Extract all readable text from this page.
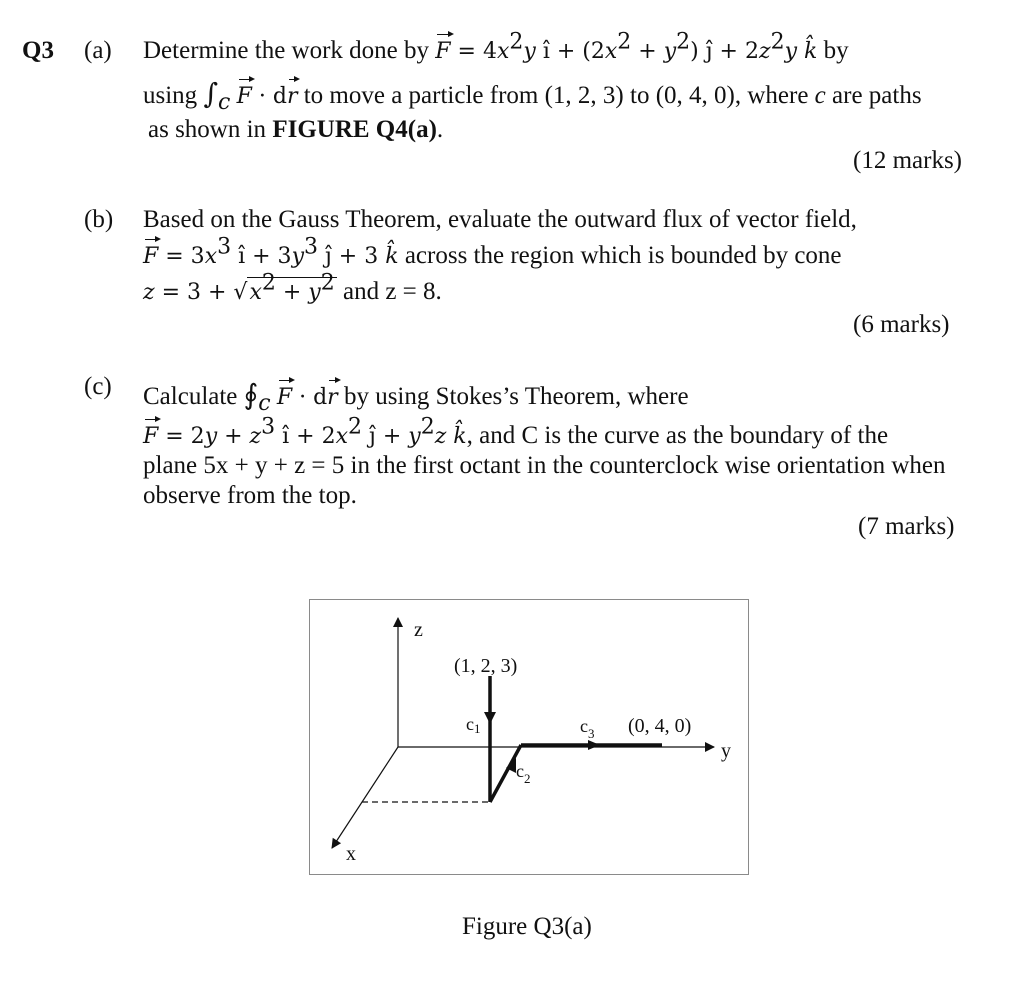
Q3 (a) Determine the work done by $F = 4x^2y$ ı̂ + $(2x^2 + y^2)$ ȷ̂ + $2z^2y$ k̂ by
using $\int_c$ F · dr to move a particle from (1, 2, 3) to (0, 4, 0), where c are paths
as shown in FIGURE Q4(a).
(12 marks)
(b) Based on the Gauss Theorem, evaluate the outward flux of vector field,
$F = 3x^3$ ı̂ + $3y^3$ ȷ̂ + 3 k̂ across the region which is bounded by cone
$z = 3 + √x^2 + y^2$ and z = 8.
(6 marks)
(c) Calculate $∮_c$ F · dr by using Stokes’s Theorem, where
$F = 2y + z^3$ ı̂ + $2x^2$ ȷ̂ + $y^2z$ k̂, and C is the curve as the boundary of the
plane 5x + y + z = 5 in the first octant in the counterclock wise orientation when
observe from the top.
(7 marks)
z
y
x
(1, 2, 3)
(0, 4, 0)
c1
$c_2$
$c_3$
Figure Q3(a)
